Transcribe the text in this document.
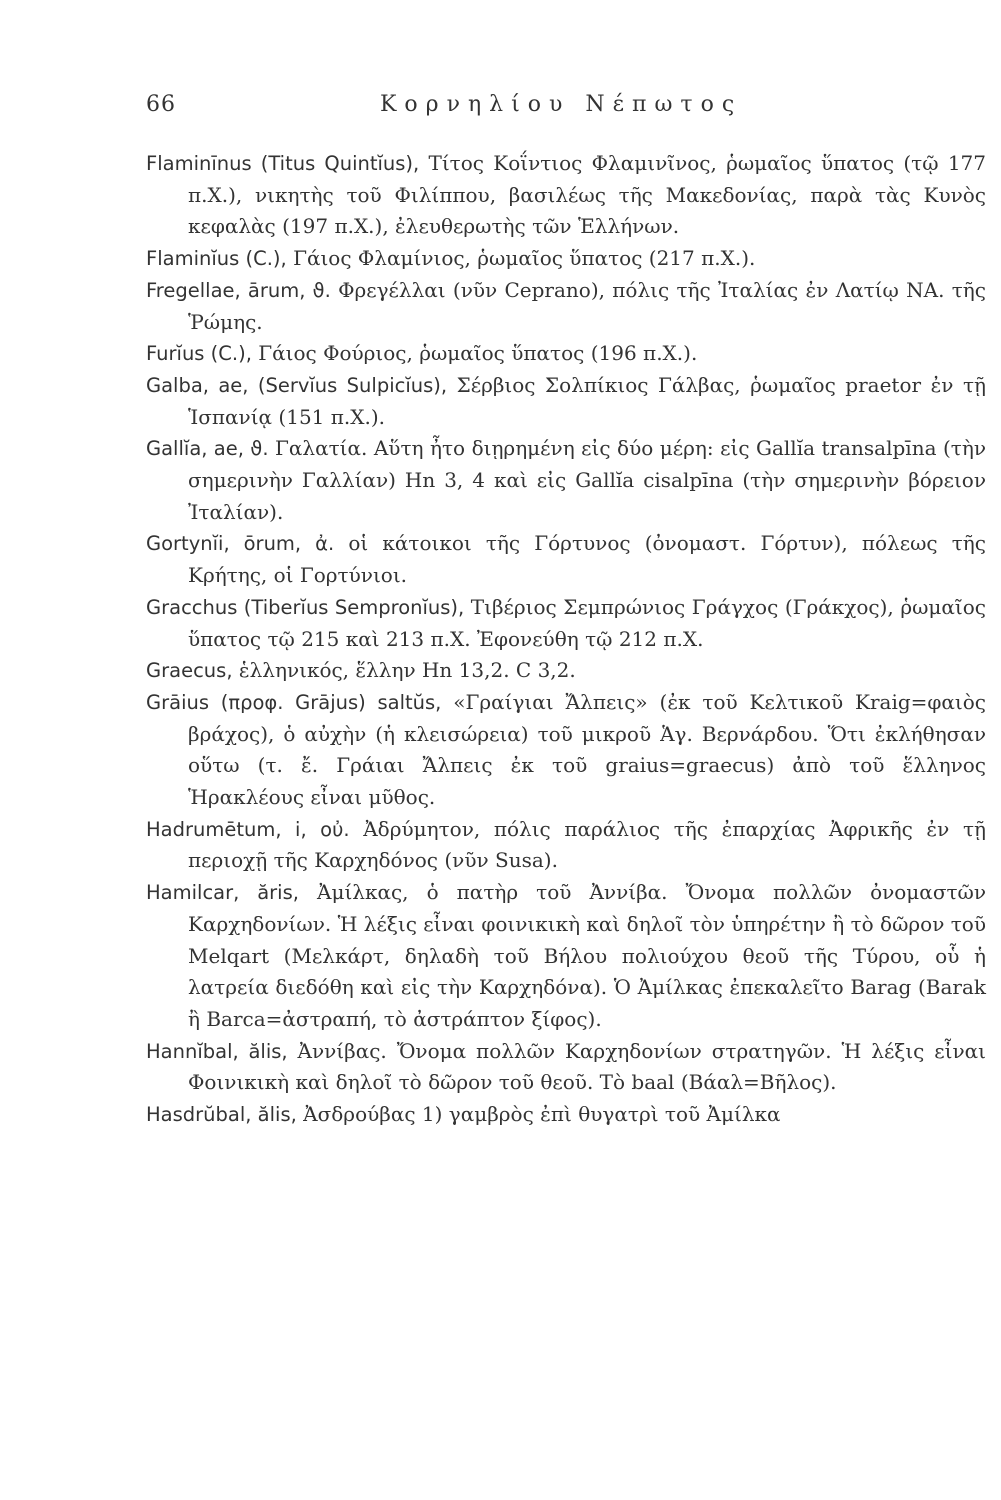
66	Κορνηλίου Νέπωτος

Flaminīnus (Titus Quintĭus), Τίτος Κοΐντιος Φλαμινῖνος, ῥωμαῖος ὕπατος (τῷ 177 π.Χ.), νικητὴς τοῦ Φιλίππου, βασιλέως τῆς Μακεδονίας, παρὰ τὰς Κυνὸς κεφαλὰς (197 π.Χ.), ἐλευθερωτὴς τῶν Ἑλλήνων.

Flaminĭus (C.), Γάιος Φλαμίνιος, ῥωμαῖος ὕπατος (217 π.Χ.).

Fregellae, ārum, ϑ. Φρεγέλλαι (νῦν Ceprano), πόλις τῆς Ἰταλίας ἐν Λατίῳ ΝΑ. τῆς Ῥώμης.

Furĭus (C.), Γάιος Φούριος, ῥωμαῖος ὕπατος (196 π.Χ.).

Galba, ae, (Servĭus Sulpicĭus), Σέρβιος Σολπίκιος Γάλβας, ῥωμαῖος praetor ἐν τῇ Ἱσπανίᾳ (151 π.Χ.).

Gallĭa, ae, ϑ. Γαλατία. Αὕτη ἦτο διῃρημένη εἰς δύο μέρη: εἰς Gallĭa transalpīna (τὴν σημερινὴν Γαλλίαν) Hn 3, 4 καὶ εἰς Gallĭa cisalpīna (τὴν σημερινὴν βόρειον Ἰταλίαν).

Gortynĭi, ōrum, ἀ. οἱ κάτοικοι τῆς Γόρτυνος (ὀνομαστ. Γόρτυν), πόλεως τῆς Κρήτης, οἱ Γορτύνιοι.

Gracchus (Tiberĭus Sempronĭus), Τιβέριος Σεμπρώνιος Γράγχος (Γράκχος), ῥωμαῖος ὕπατος τῷ 215 καὶ 213 π.Χ. Ἐφονεύθη τῷ 212 π.Χ.

Graecus, ἑλληνικός, ἕλλην Hn 13,2. C 3,2.

Grāius (προφ. Grājus) saltŭs, «Γραίγιαι Ἄλπεις» (ἐκ τοῦ Κελτικοῦ Kraig=φαιὸς βράχος), ὁ αὐχὴν (ἡ κλεισώρεια) τοῦ μικροῦ Ἁγ. Βερνάρδου. Ὅτι ἐκλήθησαν οὕτω (τ. ἔ. Γράιαι Ἄλπεις ἐκ τοῦ graius=graecus) ἀπὸ τοῦ ἕλληνος Ἡρακλέους εἶναι μῦθος.

Hadrumētum, i, οὐ. Ἀδρύμητον, πόλις παράλιος τῆς ἐπαρχίας Ἀφρικῆς ἐν τῇ περιοχῇ τῆς Καρχηδόνος (νῦν Susa).

Hamilcar, ăris, Ἀμίλκας, ὁ πατὴρ τοῦ Ἀννίβα. Ὄνομα πολλῶν ὀνομαστῶν Καρχηδονίων. Ἡ λέξις εἶναι φοινικικὴ καὶ δηλοῖ τὸν ὑπηρέτην ἢ τὸ δῶρον τοῦ Melqart (Μελκάρτ, δηλαδὴ τοῦ Βήλου πολιούχου θεοῦ τῆς Τύρου, οὗ ἡ λατρεία διεδόθη καὶ εἰς τὴν Καρχηδόνα). Ὁ Ἀμίλκας ἐπεκαλεῖτο Barag (Barak ἢ Barca=ἀστραπή, τὸ ἀστράπτον ξίφος).

Hannĭbal, ălis, Ἀννίβας. Ὄνομα πολλῶν Καρχηδονίων στρατηγῶν. Ἡ λέξις εἶναι Φοινικικὴ καὶ δηλοῖ τὸ δῶρον τοῦ θεοῦ. Τὸ baal (Βάαλ=Βῆλος).

Hasdrŭbal, ălis, Ἀσδρούβας 1) γαμβρὸς ἐπὶ θυγατρὶ τοῦ Ἀμίλκα
